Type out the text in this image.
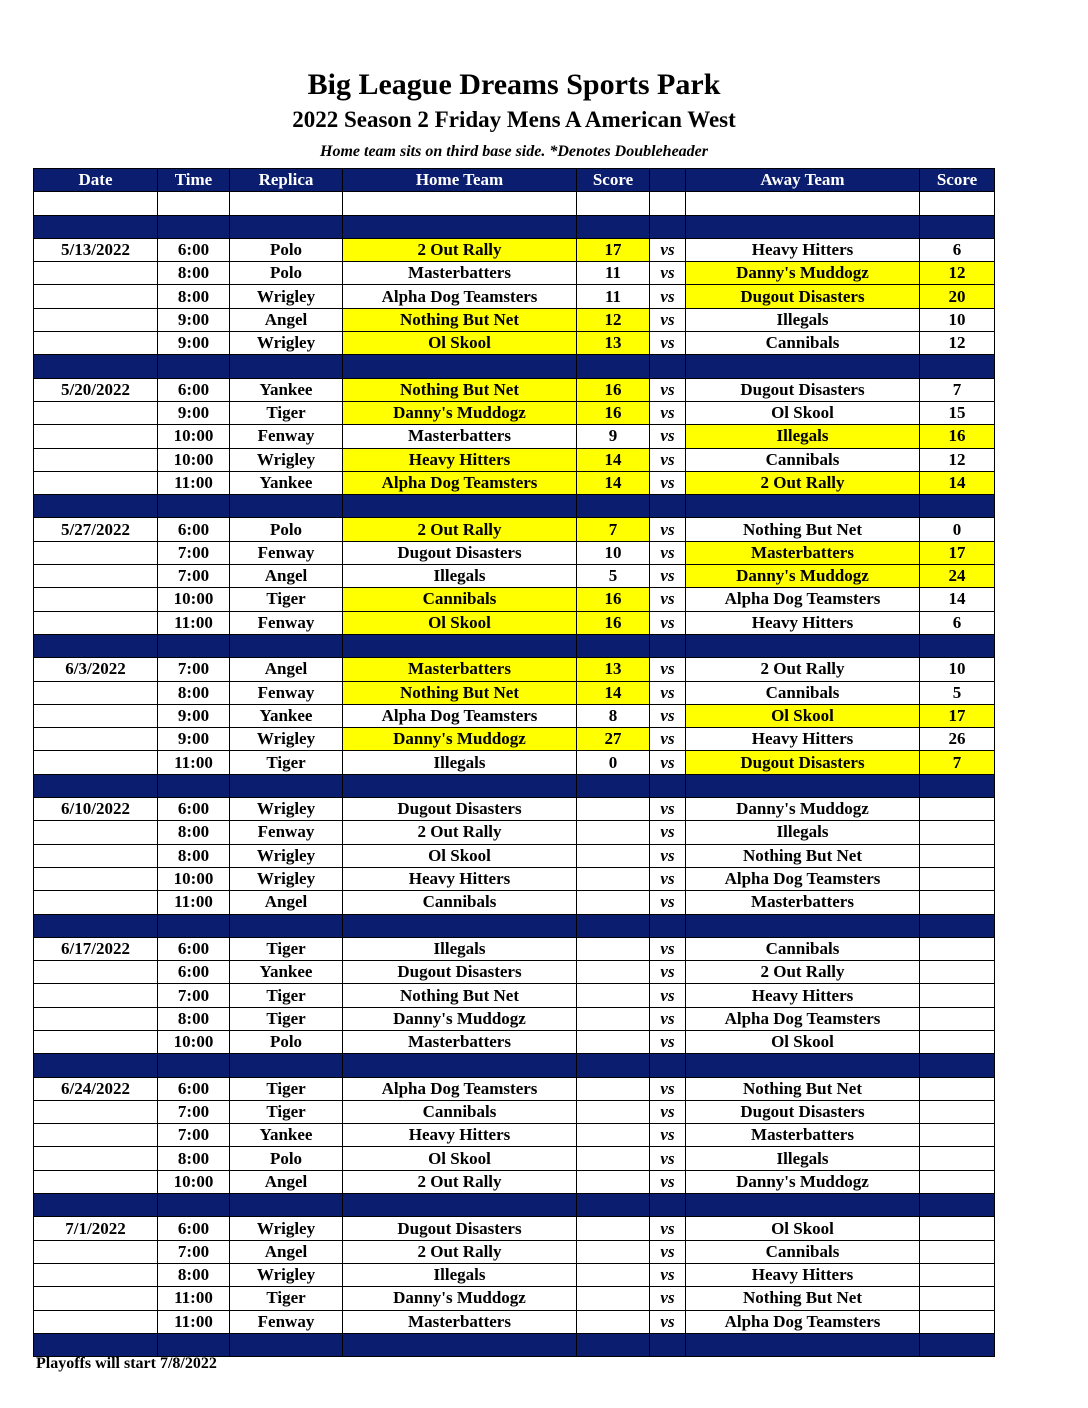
Big League Dreams Sports Park
2022 Season 2 Friday Mens A American West
Home team sits on third base side. *Denotes Doubleheader
Date	Time	Replica	Home Team	Score		Away Team	Score

5/13/2022	6:00	Polo	2 Out Rally	17	vs	Heavy Hitters	6
	8:00	Polo	Masterbatters	11	vs	Danny's Muddogz	12
	8:00	Wrigley	Alpha Dog Teamsters	11	vs	Dugout Disasters	20
	9:00	Angel	Nothing But Net	12	vs	Illegals	10
	9:00	Wrigley	Ol Skool	13	vs	Cannibals	12

5/20/2022	6:00	Yankee	Nothing But Net	16	vs	Dugout Disasters	7
	9:00	Tiger	Danny's Muddogz	16	vs	Ol Skool	15
	10:00	Fenway	Masterbatters	9	vs	Illegals	16
	10:00	Wrigley	Heavy Hitters	14	vs	Cannibals	12
	11:00	Yankee	Alpha Dog Teamsters	14	vs	2 Out Rally	14

5/27/2022	6:00	Polo	2 Out Rally	7	vs	Nothing But Net	0
	7:00	Fenway	Dugout Disasters	10	vs	Masterbatters	17
	7:00	Angel	Illegals	5	vs	Danny's Muddogz	24
	10:00	Tiger	Cannibals	16	vs	Alpha Dog Teamsters	14
	11:00	Fenway	Ol Skool	16	vs	Heavy Hitters	6

6/3/2022	7:00	Angel	Masterbatters	13	vs	2 Out Rally	10
	8:00	Fenway	Nothing But Net	14	vs	Cannibals	5
	9:00	Yankee	Alpha Dog Teamsters	8	vs	Ol Skool	17
	9:00	Wrigley	Danny's Muddogz	27	vs	Heavy Hitters	26
	11:00	Tiger	Illegals	0	vs	Dugout Disasters	7

6/10/2022	6:00	Wrigley	Dugout Disasters		vs	Danny's Muddogz	
	8:00	Fenway	2 Out Rally		vs	Illegals	
	8:00	Wrigley	Ol Skool		vs	Nothing But Net	
	10:00	Wrigley	Heavy Hitters		vs	Alpha Dog Teamsters	
	11:00	Angel	Cannibals		vs	Masterbatters	

6/17/2022	6:00	Tiger	Illegals		vs	Cannibals	
	6:00	Yankee	Dugout Disasters		vs	2 Out Rally	
	7:00	Tiger	Nothing But Net		vs	Heavy Hitters	
	8:00	Tiger	Danny's Muddogz		vs	Alpha Dog Teamsters	
	10:00	Polo	Masterbatters		vs	Ol Skool	

6/24/2022	6:00	Tiger	Alpha Dog Teamsters		vs	Nothing But Net	
	7:00	Tiger	Cannibals		vs	Dugout Disasters	
	7:00	Yankee	Heavy Hitters		vs	Masterbatters	
	8:00	Polo	Ol Skool		vs	Illegals	
	10:00	Angel	2 Out Rally		vs	Danny's Muddogz	

7/1/2022	6:00	Wrigley	Dugout Disasters		vs	Ol Skool	
	7:00	Angel	2 Out Rally		vs	Cannibals	
	8:00	Wrigley	Illegals		vs	Heavy Hitters	
	11:00	Tiger	Danny's Muddogz		vs	Nothing But Net	
	11:00	Fenway	Masterbatters		vs	Alpha Dog Teamsters	

Playoffs will start 7/8/2022
